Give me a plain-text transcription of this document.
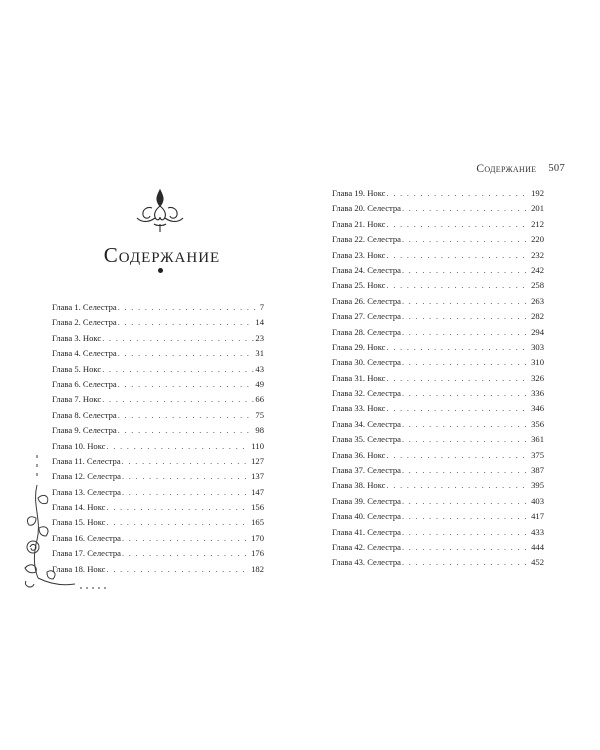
Содержание
Глава 1. Селестра . . .	7
Глава 2. Селестра . . .	14
Глава 3. Нокс . . .	23
Глава 4. Селестра . . .	31
Глава 5. Нокс . . .	43
Глава 6. Селестра . . .	49
Глава 7. Нокс . . .	66
Глава 8. Селестра . . .	75
Глава 9. Селестра . . .	98
Глава 10. Нокс . . .	110
Глава 11. Селестра . . .	127
Глава 12. Селестра . . .	137
Глава 13. Селестра . . .	147
Глава 14. Нокс . . .	156
Глава 15. Нокс . . .	165
Глава 16. Селестра . . .	170
Глава 17. Селестра . . .	176
Глава 18. Нокс . . .	182
Содержание 507
Глава 19. Нокс . . .	192
Глава 20. Селестра . . .	201
Глава 21. Нокс . . .	212
Глава 22. Селестра . . .	220
Глава 23. Нокс . . .	232
Глава 24. Селестра . . .	242
Глава 25. Нокс . . .	258
Глава 26. Селестра . . .	263
Глава 27. Селестра . . .	282
Глава 28. Селестра . . .	294
Глава 29. Нокс . . .	303
Глава 30. Селестра . . .	310
Глава 31. Нокс . . .	326
Глава 32. Селестра . . .	336
Глава 33. Нокс . . .	346
Глава 34. Селестра . . .	356
Глава 35. Селестра . . .	361
Глава 36. Нокс . . .	375
Глава 37. Селестра . . .	387
Глава 38. Нокс . . .	395
Глава 39. Селестра . . .	403
Глава 40. Селестра . . .	417
Глава 41. Селестра . . .	433
Глава 42. Селестра . . .	444
Глава 43. Селестра . . .	452
